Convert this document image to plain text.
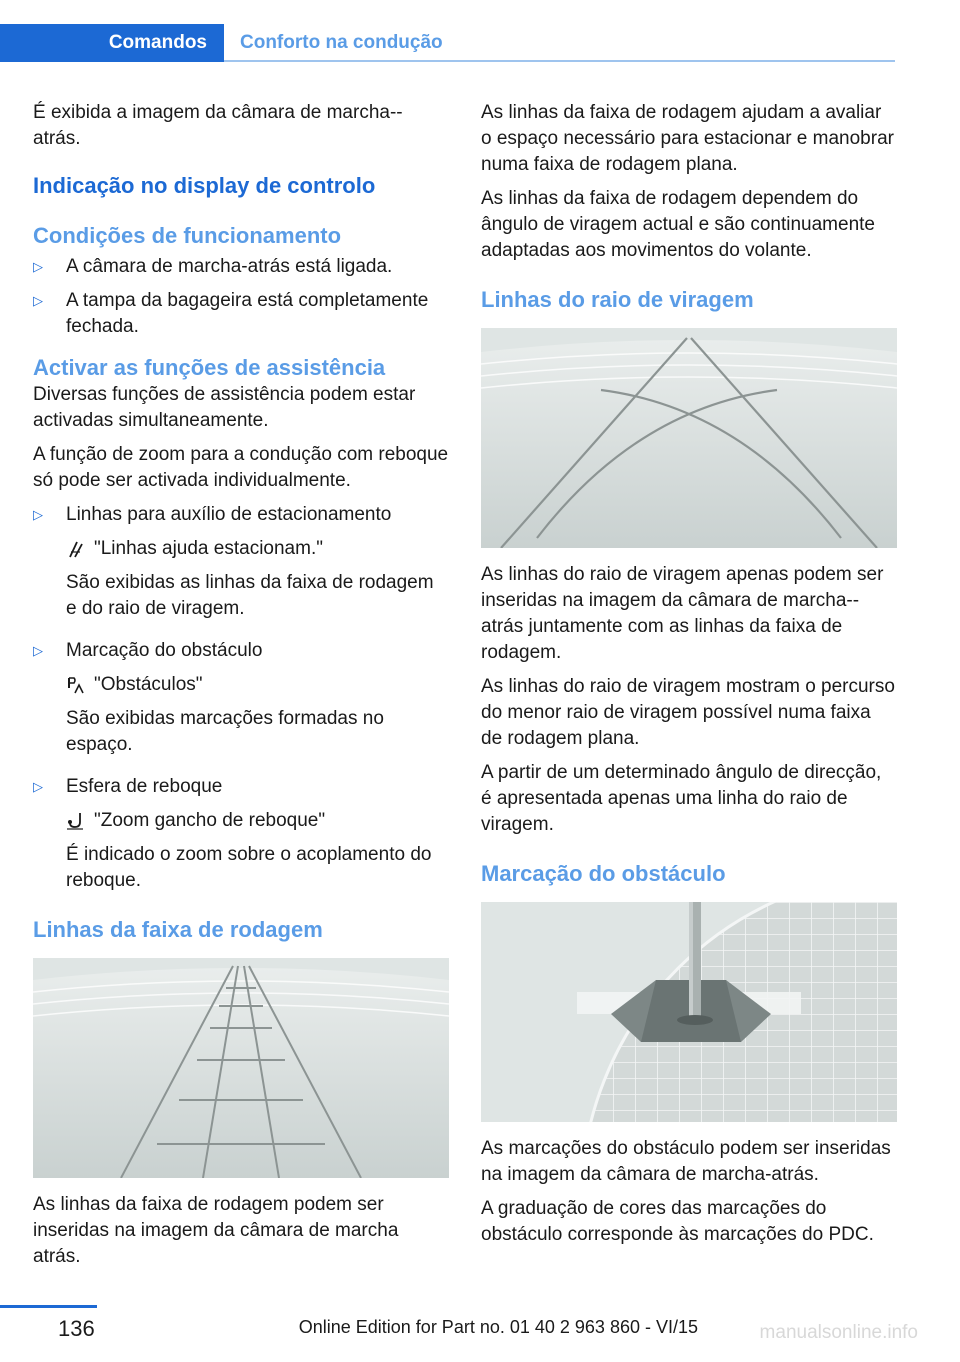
Comandos Conforto na condução

É exibida a imagem da câmara de marcha--atrás.

Indicação no display de controlo
Condições de funcionamento
▷	A câmara de marcha-atrás está ligada.
▷	A tampa da bagageira está completamente fechada.
Activar as funções de assistência

Diversas funções de assistência podem estar activadas simultaneamente.

A função de zoom para a condução com reboque só pode ser activada individualmente.

▷	Linhas para auxílio de estacionamento

"Linhas ajuda estacionam."

São exibidas as linhas da faixa de rodagem e do raio de viragem.

▷	Marcação do obstáculo

"Obstáculos"

São exibidas marcações formadas no espaço.

▷	Esfera de reboque

"Zoom gancho de reboque"

É indicado o zoom sobre o acoplamento do reboque.

Linhas da faixa de rodagem

As linhas da faixa de rodagem podem ser inseridas na imagem da câmara de marcha atrás.

As linhas da faixa de rodagem ajudam a avaliar o espaço necessário para estacionar e manobrar numa faixa de rodagem plana.

As linhas da faixa de rodagem dependem do ângulo de viragem actual e são continuamente adaptadas aos movimentos do volante.

Linhas do raio de viragem

As linhas do raio de viragem apenas podem ser inseridas na imagem da câmara de marcha--atrás juntamente com as linhas da faixa de rodagem.

As linhas do raio de viragem mostram o percurso do menor raio de viragem possível numa faixa de rodagem plana.

A partir de um determinado ângulo de direcção, é apresentada apenas uma linha do raio de viragem.

Marcação do obstáculo

As marcações do obstáculo podem ser inseridas na imagem da câmara de marcha-atrás.

A graduação de cores das marcações do obstáculo corresponde às marcações do PDC.

136	Online Edition for Part no. 01 40 2 963 860 - VI/15	manualsonline.info
